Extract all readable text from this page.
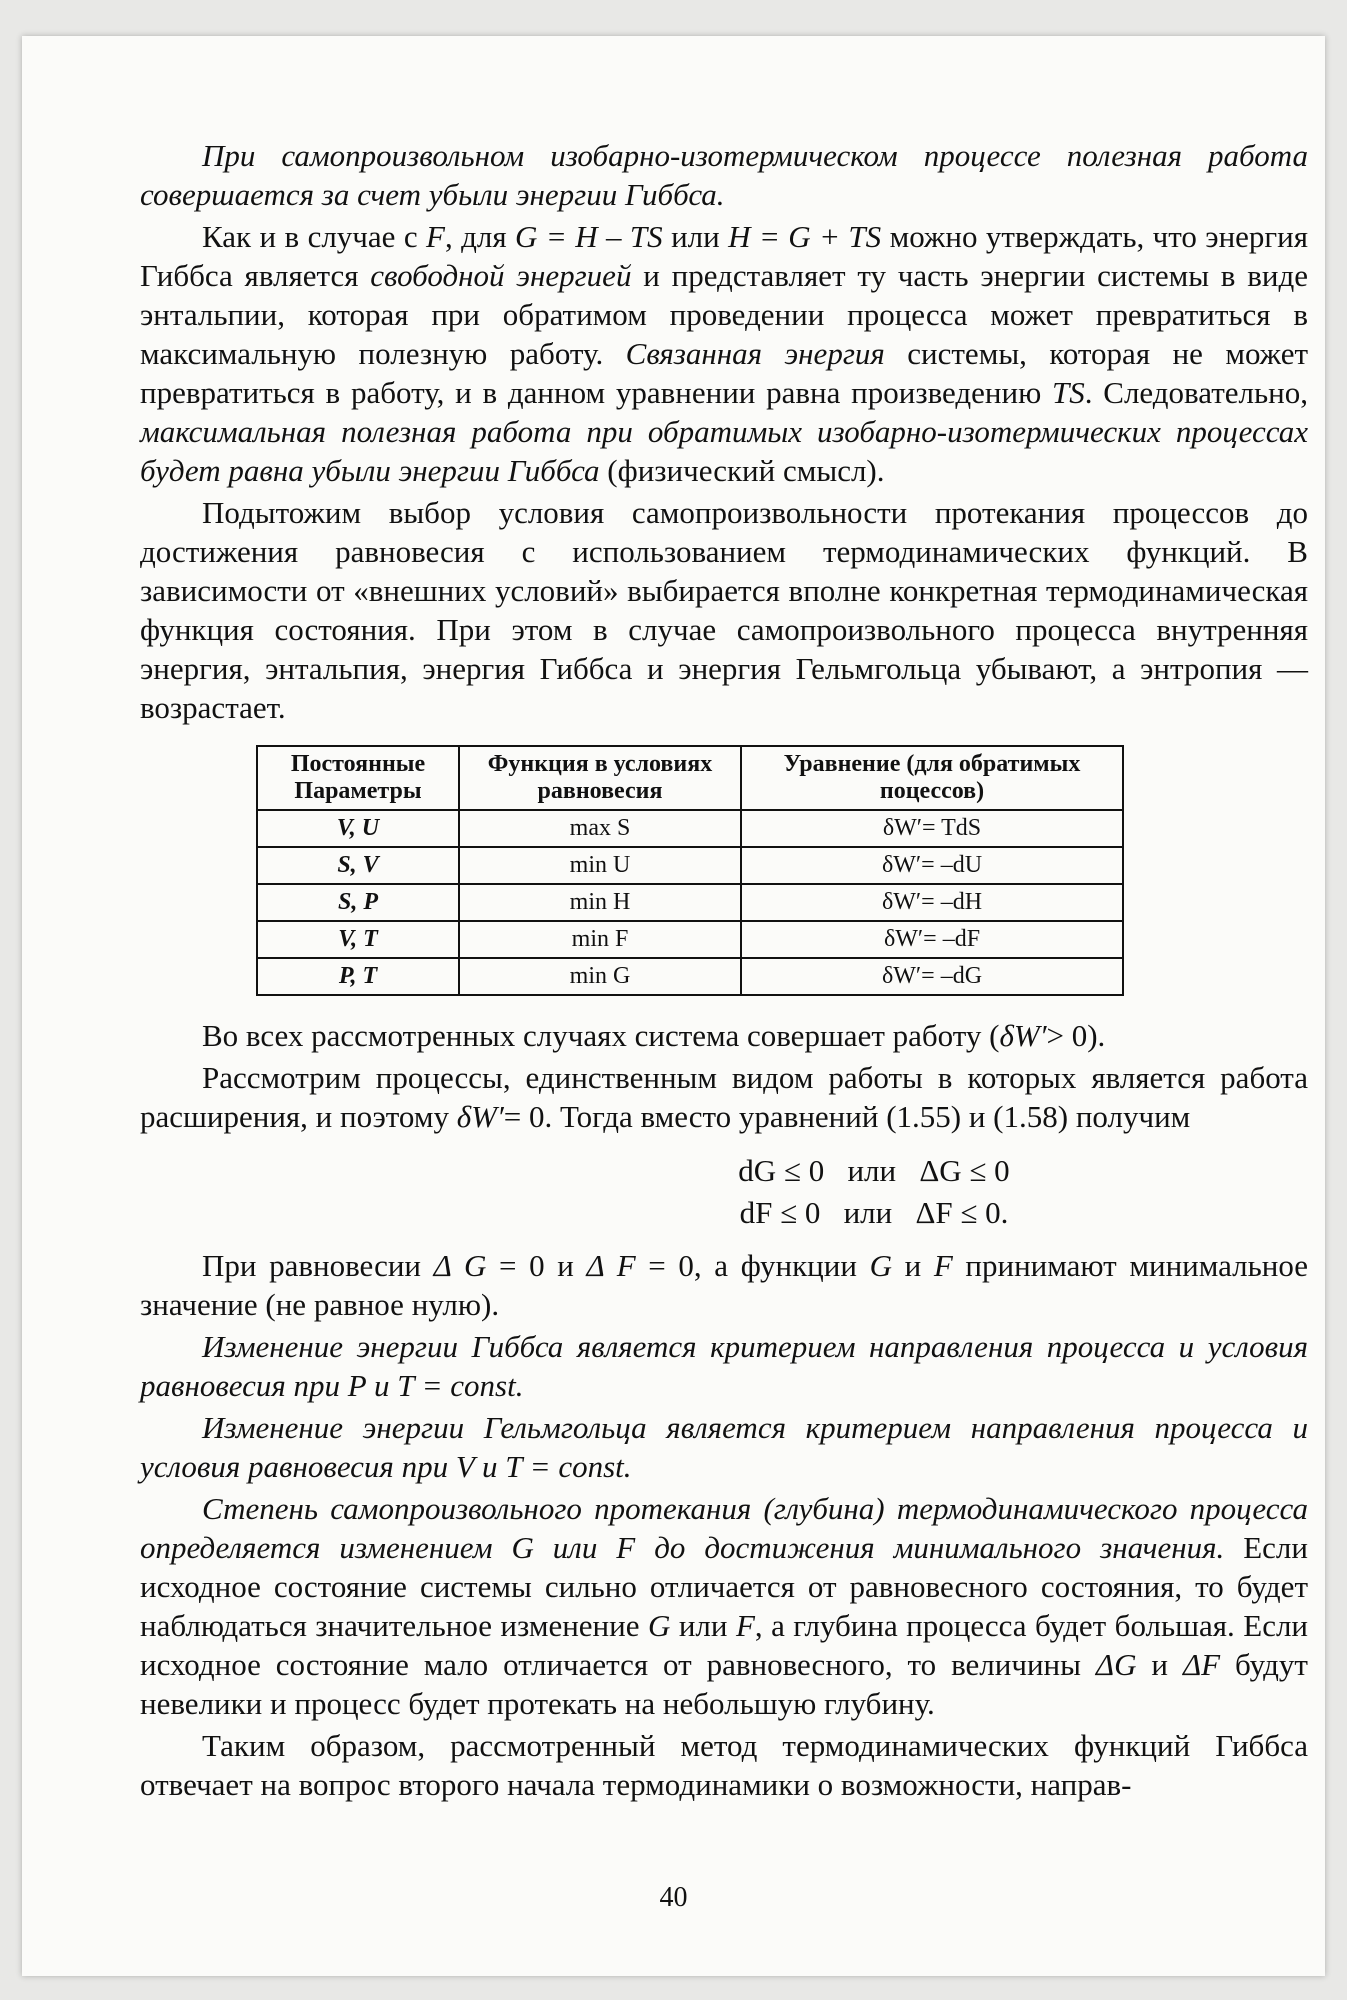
При самопроизвольном изобарно-изотермическом процессе полезная работа совершается за счет убыли энергии Гиббса.

Как и в случае с F, для G = H – TS или H = G + TS можно утверждать, что энергия Гиббса является свободной энергией и представляет ту часть энергии системы в виде энтальпии, которая при обратимом проведении процесса может превратиться в максимальную полезную работу. Связанная энергия системы, которая не может превратиться в работу, и в данном уравнении равна произведению TS. Следовательно, максимальная полезная работа при обратимых изобарно-изотермических процессах будет равна убыли энергии Гиббса (физический смысл).

Подытожим выбор условия самопроизвольности протекания процессов до достижения равновесия с использованием термодинамических функций. В зависимости от «внешних условий» выбирается вполне конкретная термодинамическая функция состояния. При этом в случае самопроизвольного процесса внутренняя энергия, энтальпия, энергия Гиббса и энергия Гельмгольца убывают, а энтропия — возрастает.

Постоянные Параметры	Функция в условиях равновесия	Уравнение (для обратимых поцессов)
V, U	max S	δW′= TdS
S, V	min U	δW′= –dU
S, P	min H	δW′= –dH
V, T	min F	δW′= –dF
P, T	min G	δW′= –dG

Во всех рассмотренных случаях система совершает работу (δW′> 0).

Рассмотрим процессы, единственным видом работы в которых является работа расширения, и поэтому δW′= 0. Тогда вместо уравнений (1.55) и (1.58) получим

dG ≤ 0   или   ΔG ≤ 0
dF ≤ 0   или   ΔF ≤ 0.

При равновесии Δ G = 0 и Δ F = 0, а функции G и F принимают минимальное значение (не равное нулю).

Изменение энергии Гиббса является критерием направления процесса и условия равновесия при P и T = const.

Изменение энергии Гельмгольца является критерием направления процесса и условия равновесия при V и T = const.

Степень самопроизвольного протекания (глубина) термодинамического процесса определяется изменением G или F до достижения минимального значения. Если исходное состояние системы сильно отличается от равновесного состояния, то будет наблюдаться значительное изменение G или F, а глубина процесса будет большая. Если исходное состояние мало отличается от равновесного, то величины ΔG и ΔF будут невелики и процесс будет протекать на небольшую глубину.

Таким образом, рассмотренный метод термодинамических функций Гиббса отвечает на вопрос второго начала термодинамики о возможности, направ-

40
